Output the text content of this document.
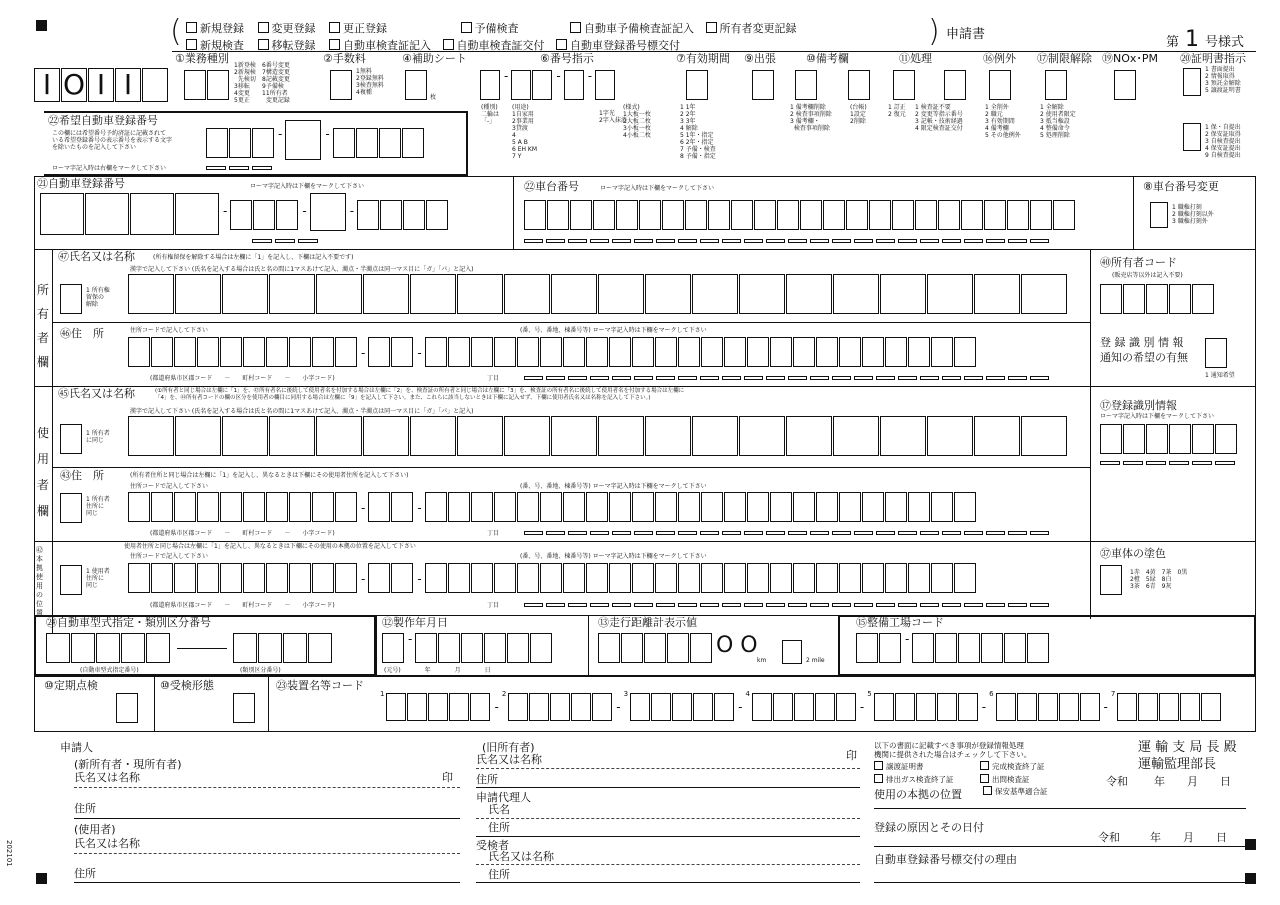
(	新規登録	変更登録	更正登録	予備検査	自動車予備検査証記入 所有者変更記録
新規検査	移転登録	自動車検査証記入 自動車検査証交付 自動車登録番号標交付	) 申請書
第 1 号様式
I O I I
①業務種別
1新登検
2新規検
先検切
3移転
4変更
5更正
6番号変更
7構造変更
8記載変更
9予備検
11所有者
変更記録
②手数料
1無料
2登録無料
3検査無料
4複種
④補助シート
枚
⑥番号指示
-	- -
(種別)
二輪は
「-」
(用途)
1自家用
2事業用
3貸渡
4
5 A B
6 EH KM
7 Y
1字光
2字入抹消
(様式)
1大板一枚
2大板二枚
3小板一枚
4小板二枚
⑦有効期間
1 1年
2 2年
3 3年
4 解除
5 1年・指定
6 2年・指定
7 予備・検査
8 予備・指定
⑨出張	⑩備考欄
1 備考欄削除
2 検査事項削除
3 備考欄・
検査事項削除
(台帳)
1設定
2削除
⑪処理
1 訂正
2 復元
1 検査証不要
2 変更等指示番号
3 記帳・技術経過
4 限定検査証交付
⑯例外
1 全削外
2 職元
3 有効期間
4 備考欄
5 その他例外
⑰制限解除
1 全解除
2 使用者限定
3 抵当権設
4 整備命令
5 処理削除
⑲NOx･PM ⑳証明書指示
1 書面提出
2 情報取得
3 預託金解除
5 譲渡証明書
1 保・自提出
2 保安証取得
3 自検査提出
4 保安証提出
9 自検査提出
㉒希望自動車登録番号
この欄には希望番号予約済証に記載されて
いる希望登録番号の表示番号を表示する文字
を除いたものを記入して下さい
ローマ字記入時は右欄をマークして下さい
-	-
㉑自動車登録番号	ローマ字記入時は下欄をマークして下さい
-	-	-
㉒車台番号	ローマ字記入時は下欄をマークして下さい	⑧車台番号変更
1 職権打刻
2 職権打刻以外
3 職権打刻外
所有者欄
㊼氏名又は名称	(所有権留保を解除する場合は左欄に「1」を記入し、下欄は記入不要です)
漢字で記入して下さい (氏名を記入する場合は氏と名の間に1マスあけて記入、濁点・半濁点は同一マス目に「ガ」「パ」と記入)
1 所有権
留保の
解除
㊻住　所	住所コードで記入して下さい	(番、号、番地、棟番号等) ローマ字記入時は下欄をマークして下さい
-	-
(都道府県市区郡コード　　－　　町村コード　　－　　小字コード)	丁目
㊵所有者コード
(販売店等以外は記入不要)
登 録 識 別 情 報
通知の希望の有無
1 通知希望
使用者欄
㊺氏名又は名称	(①所有者と同じ場合は左欄に「1」を、㊷所有者名に後続して使用者名を付加する場合は左欄に「2」を、検査証の所有者と同じ場合は左欄に「3」を、検査証の所有者名に後続して使用者名を付加する場合は左欄に
「4」を、㊹所有者コードの欄の区分を使用者の欄目に同用する場合は左欄に「9」を記入して下さい。また、これらに該当しないときは下欄に記入せず、下欄に使用者氏名又は名称を記入して下さい。)
漢字で記入して下さい (氏名を記入する場合は氏と名の間に1マスあけて記入、濁点・半濁点は同一マス目に「ガ」「パ」と記入)
1 所有者
に同じ
㊸住　所	(所有者住所と同じ場合は左欄に「1」を記入し、異なるときは下欄にその使用者住所を記入して下さい)
1 所有者
住所に
同じ
住所コードで記入して下さい	(番、号、番地、棟番号等) ローマ字記入時は下欄をマークして下さい
-	-
(都道府県市区郡コード　　－　　町村コード　　－　　小字コード)	丁目
⑰登録識別情報
ローマ字記入時は下欄をマークして下さい
㊷本拠使用の位置
使用者住所と同じ場合は左欄に「1」を記入し、異なるときは下欄にその使用の本拠の位置を記入して下さい
1 使用者
住所に
同じ
住所コードで記入して下さい	(番、号、番地、棟番号等) ローマ字記入時は下欄をマークして下さい
-	-
(都道府県市区郡コード　　－　　町村コード　　－　　小字コード)	丁目
㊲車体の塗色
1赤　4黄　7茶　0黒
2橙　5緑　8白
3茶　6青　9灰
㉔自動車型式指定・類別区分番号
(自動車型式指定番号)	(類別区分番号)
⑫製作年月日
-
(元号)　　　　年　　　　月　　　　日
⑬走行距離計表示値
O O
km	2 mile
⑮整備工場コード
-
⑩定期点検	⑩受検形態	㉓装置名等コード
1
-
2
-
3
-
4
-
5
-
6
-
7
申請人
(新所有者・現所有者)
氏名又は名称	印
住所
(使用者)
氏名又は名称
住所
(旧所有者)
氏名又は名称	印
住所
申請代理人
氏名
住所
受検者
氏名又は名称
住所
以下の書面に記載すべき事項が登録情報処理
機関に提供された場合はチェックして下さい。
譲渡証明書	完成検査終了証
排出ガス検査終了証	出問検査証
使用の本拠の位置	保安基準適合証
登録の原因とその日付
令和	年　　月　　日
自動車登録番号標交付の理由
運 輸 支 局 長 殿
運輸監理部長
令和 年　　月　　日
202101
